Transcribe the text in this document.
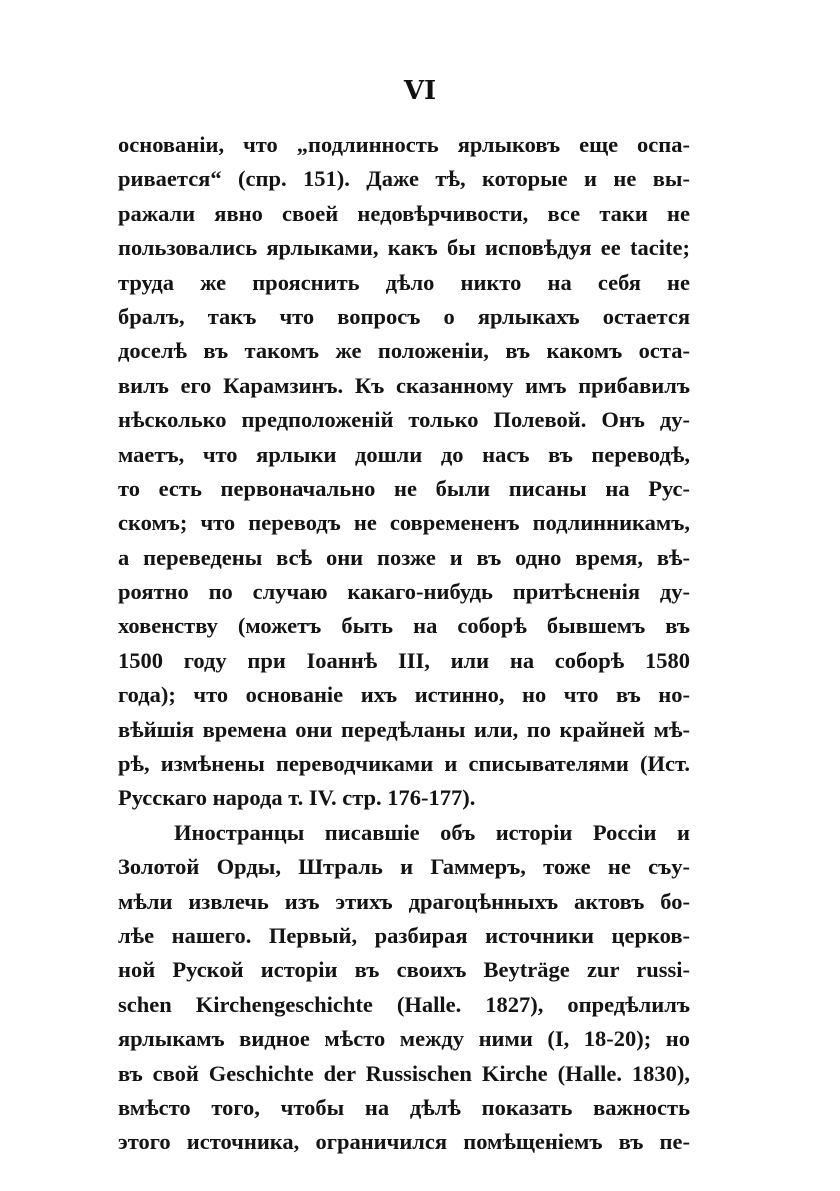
VI
основанiи, что „подлинность ярлыковъ еще оспа-
ривается“ (спр. 151). Даже тѣ, которые и не вы-
ражали явно своей недовѣрчивости, все таки не
пользовались ярлыками, какъ бы исповѣдуя ее tacite;
труда же прояснить дѣло никто на себя не
бралъ, такъ что вопросъ о ярлыкахъ остается
доселѣ въ такомъ же положенiи, въ какомъ оста-
вилъ его Карамзинъ. Къ сказанному имъ прибавилъ
нѣсколько предположенiй только Полевой. Онъ ду-
маетъ, что ярлыки дошли до насъ въ переводѣ,
то есть первоначально не были писаны на Рус-
скомъ; что переводъ не современенъ подлинникамъ,
а переведены всѣ они позже и въ одно время, вѣ-
роятно по случаю какаго-нибудь притѣсненiя ду-
ховенству (можетъ быть на соборѣ бывшемъ въ
1500 году при Iоаннѣ III, или на соборѣ 1580
года); что основанiе ихъ истинно, но что въ но-
вѣйшiя времена они передѣланы или, по крайней мѣ-
рѣ, измѣнены переводчиками и списывателями (Ист.
Русскаго народа т. IV. стр. 176-177).
Иностранцы писавшiе объ исторiи Россiи и
Золотой Орды, Штраль и Гаммеръ, тоже не съу-
мѣли извлечь изъ этихъ драгоцѣнныхъ актовъ бо-
лѣе нашего. Первый, разбирая источники церков-
ной Руской исторiи въ своихъ Beyträge zur russi-
schen Kirchengeschichte (Halle. 1827), опредѣлилъ
ярлыкамъ видное мѣсто между ними (I, 18-20); но
въ свой Geschichte der Russischen Kirche (Halle. 1830),
вмѣсто того, чтобы на дѣлѣ показать важность
этого источника, ограничился помѣщенiемъ въ пе-
